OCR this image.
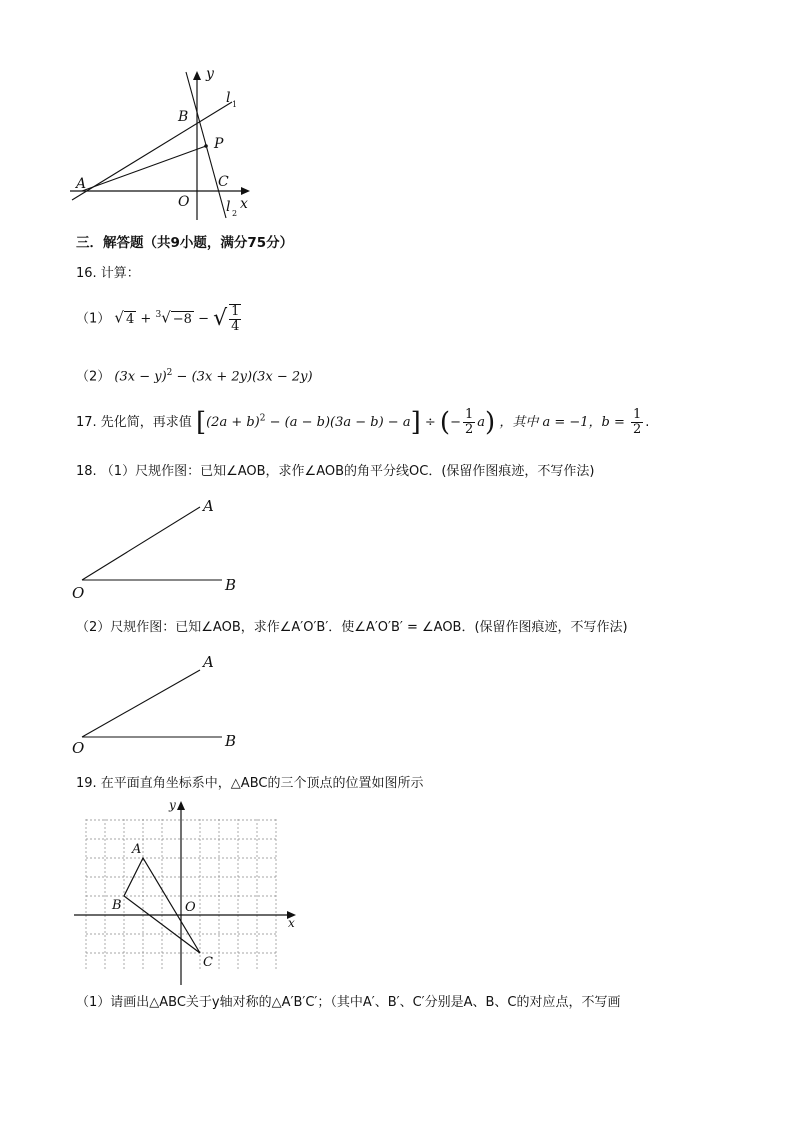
y
x
O
A
B
C
P
l 1
l 2
三．解答题（共9小题，满分75分）
16. 计算：
（1） √ 4 + $^3$√ −8 − √ $\frac{1}{4}$
（2） $(3x - y)^2 - (3x + 2y)(3x - 2y)$
17. 先化简，再求值 $[(2a + b)^2 - (a - b)(3a - b) - a]$ ÷ (− $\frac{1}{2} a$) ，其中 a = −1，$b = \frac{1}{2}$ .
18. （1）尺规作图：已知∠AOB，求作∠AOB的角平分线OC．(保留作图痕迹，不写作法)
A
B
O
（2）尺规作图：已知∠AOB，求作∠A′O′B′．使∠A′O′B′ = ∠AOB．(保留作图痕迹，不写作法)
A
B
O
19. 在平面直角坐标系中，△ABC的三个顶点的位置如图所示
x
y
O
A
B
C
（1）请画出△ABC关于y轴对称的△A′B′C′；（其中A′、B′、C′分别是A、B、C的对应点，不写画
